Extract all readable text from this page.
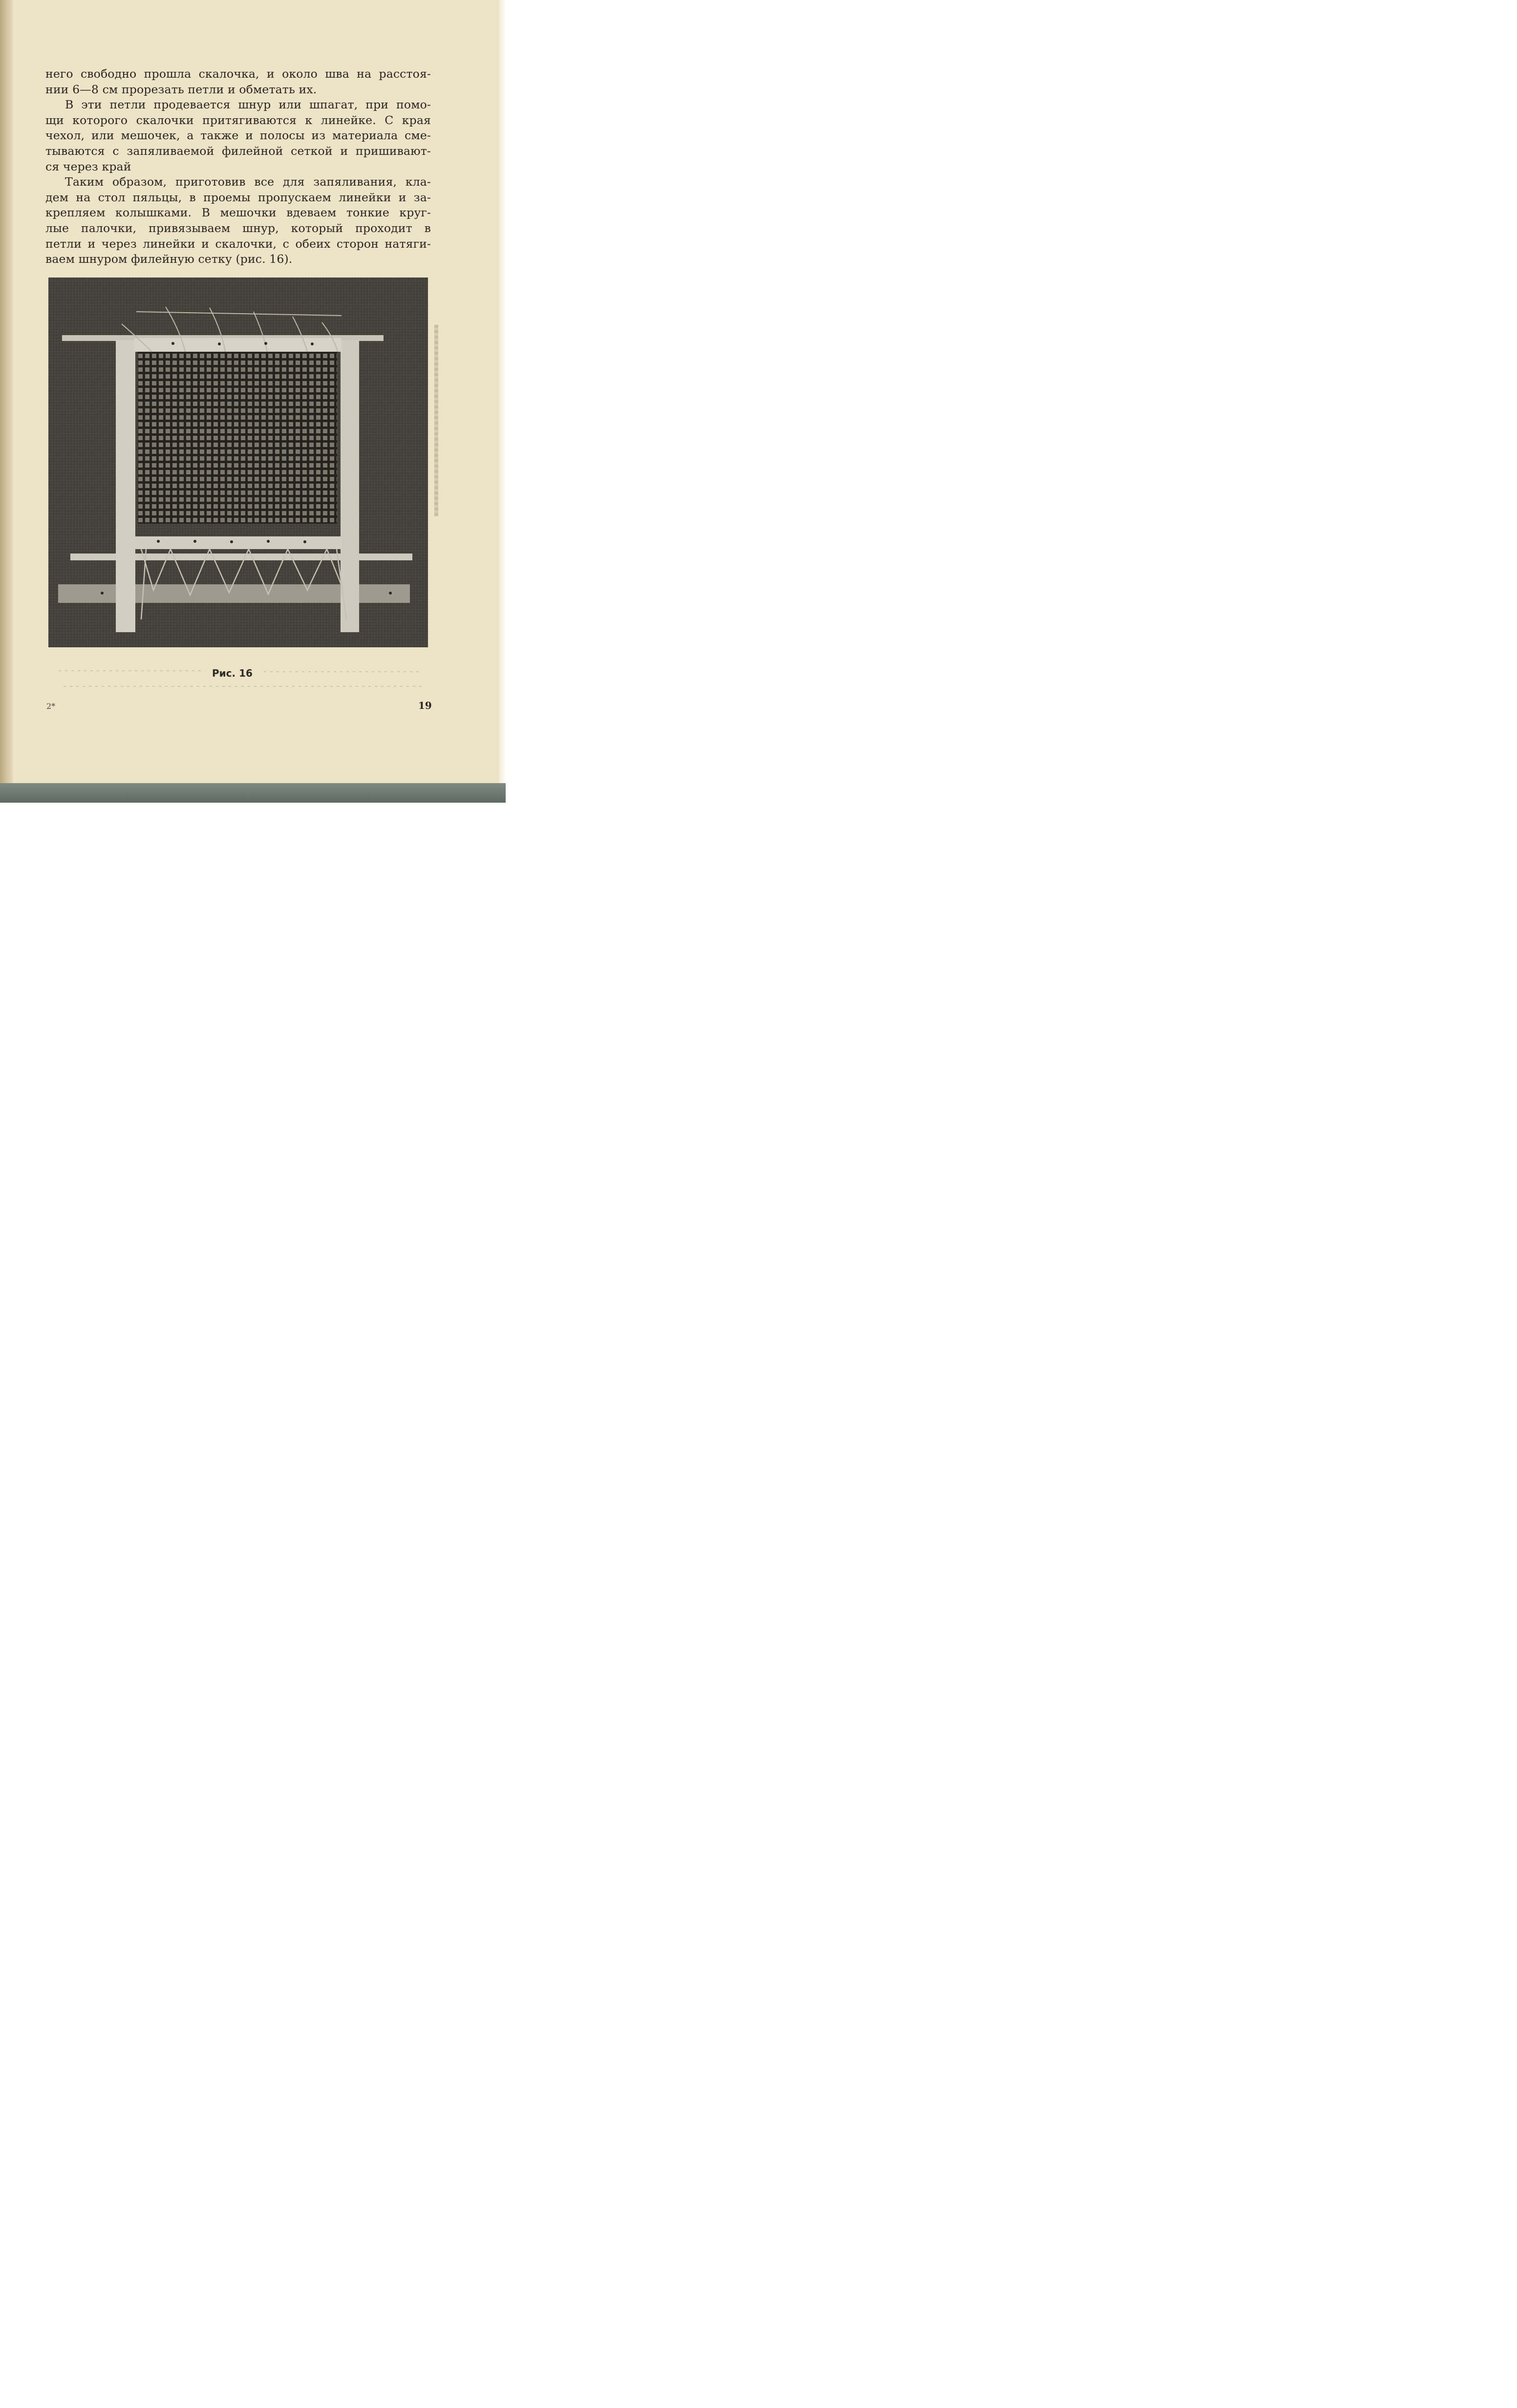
него свободно прошла скалочка, и около шва на расстоя-

нии 6—8 см прорезать петли и обметать их.

В эти петли продевается шнур или шпагат, при помо-

щи которого скалочки притягиваются к линейке. С края

чехол, или мешочек, а также и полосы из материала сме-

тываются с запяливаемой филейной сеткой и пришивают-

ся через край

Таким образом, приготовив все для запяливания, кла-

дем на стол пяльцы, в проемы пропускаем линейки и за-

крепляем колышками. В мешочки вдеваем тонкие круг-

лые палочки, привязываем шнур, который проходит в

петли и через линейки и скалочки, с обеих сторон натяги-

ваем шнуром филейную сетку (рис. 16).

Рис. 16
2*	19
